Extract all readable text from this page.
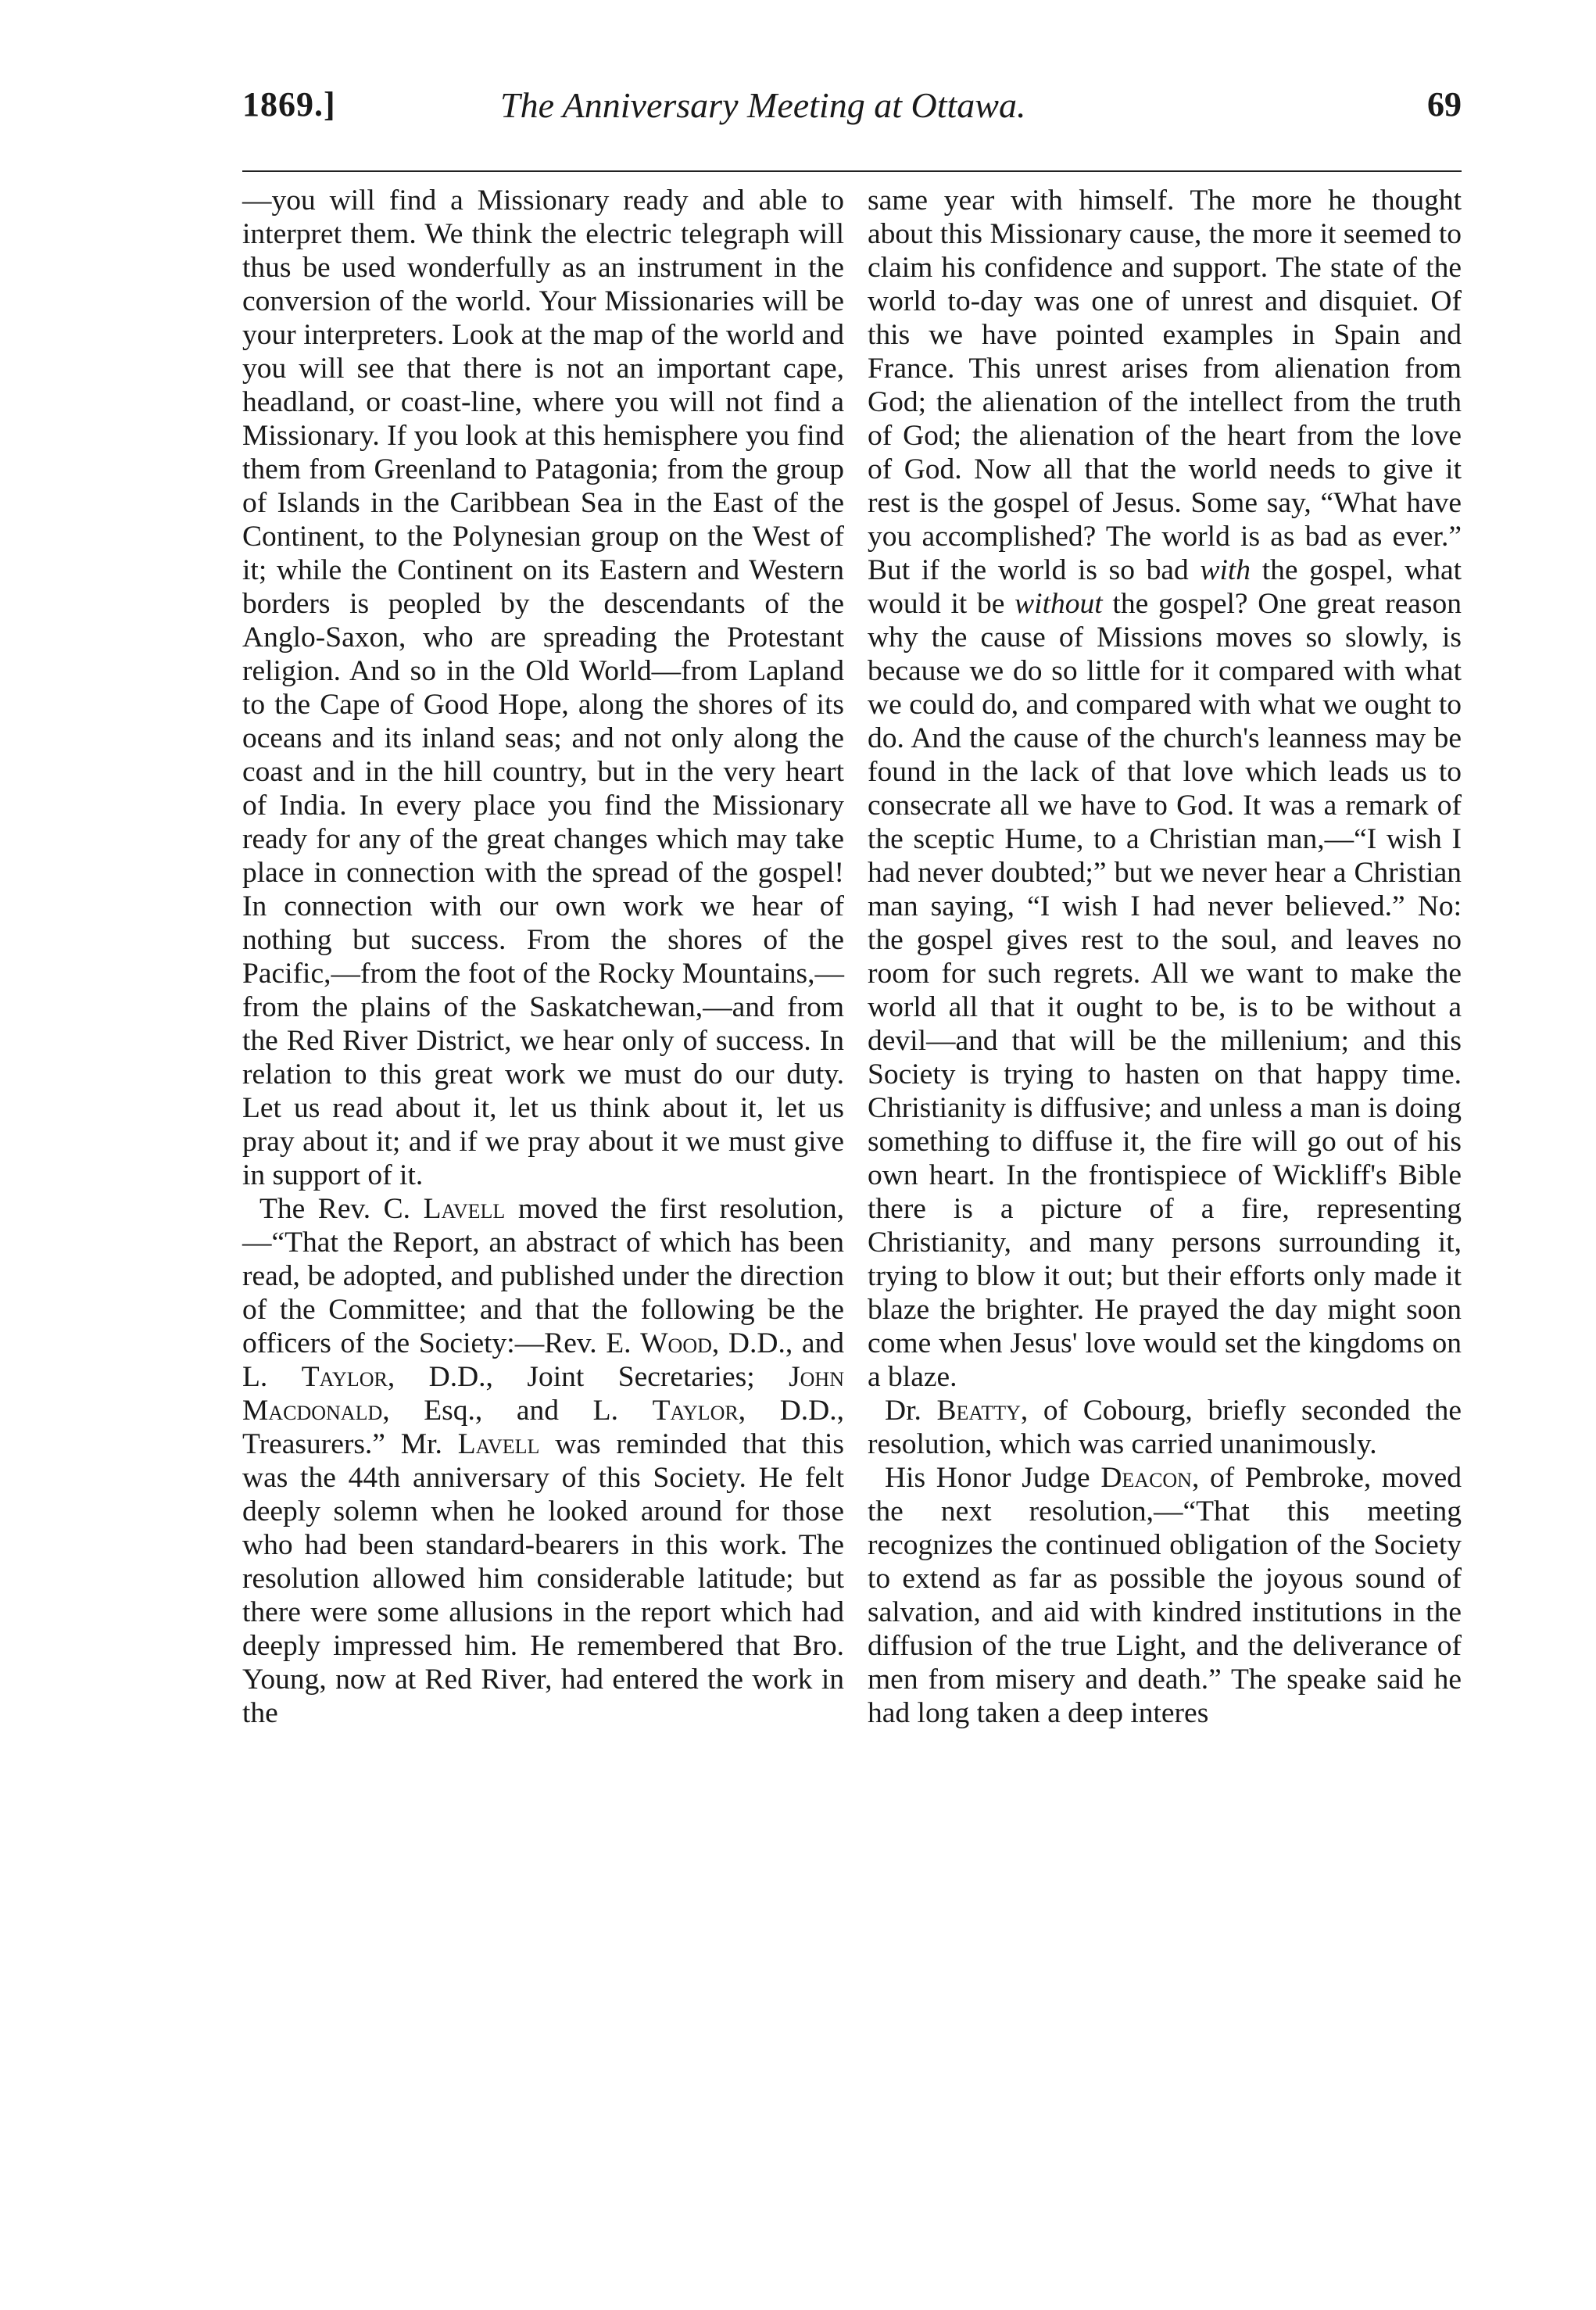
1869.]	The Anniversary Meeting at Ottawa.	69

—you will find a Missionary ready and able to interpret them. We think the electric telegraph will thus be used wonderfully as an instrument in the conversion of the world. Your Missionaries will be your interpreters. Look at the map of the world and you will see that there is not an important cape, headland, or coast-line, where you will not find a Missionary. If you look at this hemisphere you find them from Greenland to Patagonia; from the group of Islands in the Caribbean Sea in the East of the Continent, to the Polynesian group on the West of it; while the Continent on its Eastern and Western borders is peopled by the descendants of the Anglo-Saxon, who are spreading the Protestant religion. And so in the Old World—from Lapland to the Cape of Good Hope, along the shores of its oceans and its inland seas; and not only along the coast and in the hill country, but in the very heart of India. In every place you find the Missionary ready for any of the great changes which may take place in connection with the spread of the gospel! In connection with our own work we hear of nothing but success. From the shores of the Pacific,—from the foot of the Rocky Mountains,—from the plains of the Saskatchewan,—and from the Red River District, we hear only of success. In relation to this great work we must do our duty. Let us read about it, let us think about it, let us pray about it; and if we pray about it we must give in support of it.

The Rev. C. Lavell moved the first resolution,—“That the Report, an abstract of which has been read, be adopted, and published under the direction of the Committee; and that the following be the officers of the Society:—Rev. E. Wood, D.D., and L. Taylor, D.D., Joint Secretaries; John Macdonald, Esq., and L. Taylor, D.D., Treasurers.” Mr. Lavell was reminded that this was the 44th anniversary of this Society. He felt deeply solemn when he looked around for those who had been standard-bearers in this work. The resolution allowed him considerable latitude; but there were some allusions in the report which had deeply impressed him. He remembered that Bro. Young, now at Red River, had entered the work in the

same year with himself. The more he thought about this Missionary cause, the more it seemed to claim his confidence and support. The state of the world to-day was one of unrest and disquiet. Of this we have pointed examples in Spain and France. This unrest arises from alienation from God; the alienation of the intellect from the truth of God; the alienation of the heart from the love of God. Now all that the world needs to give it rest is the gospel of Jesus. Some say, “What have you accomplished? The world is as bad as ever.” But if the world is so bad with the gospel, what would it be without the gospel? One great reason why the cause of Missions moves so slowly, is because we do so little for it compared with what we could do, and compared with what we ought to do. And the cause of the church's leanness may be found in the lack of that love which leads us to consecrate all we have to God. It was a remark of the sceptic Hume, to a Christian man,—“I wish I had never doubted;” but we never hear a Christian man saying, “I wish I had never believed.” No: the gospel gives rest to the soul, and leaves no room for such regrets. All we want to make the world all that it ought to be, is to be without a devil—and that will be the millenium; and this Society is trying to hasten on that happy time. Christianity is diffusive; and unless a man is doing something to diffuse it, the fire will go out of his own heart. In the frontispiece of Wickliff's Bible there is a picture of a fire, representing Christianity, and many persons surrounding it, trying to blow it out; but their efforts only made it blaze the brighter. He prayed the day might soon come when Jesus' love would set the kingdoms on a blaze.

Dr. Beatty, of Cobourg, briefly seconded the resolution, which was carried unanimously.

His Honor Judge Deacon, of Pembroke, moved the next resolution,—“That this meeting recognizes the continued obligation of the Society to extend as far as possible the joyous sound of salvation, and aid with kindred institutions in the diffusion of the true Light, and the deliverance of men from misery and death.” The speake said he had long taken a deep interes
